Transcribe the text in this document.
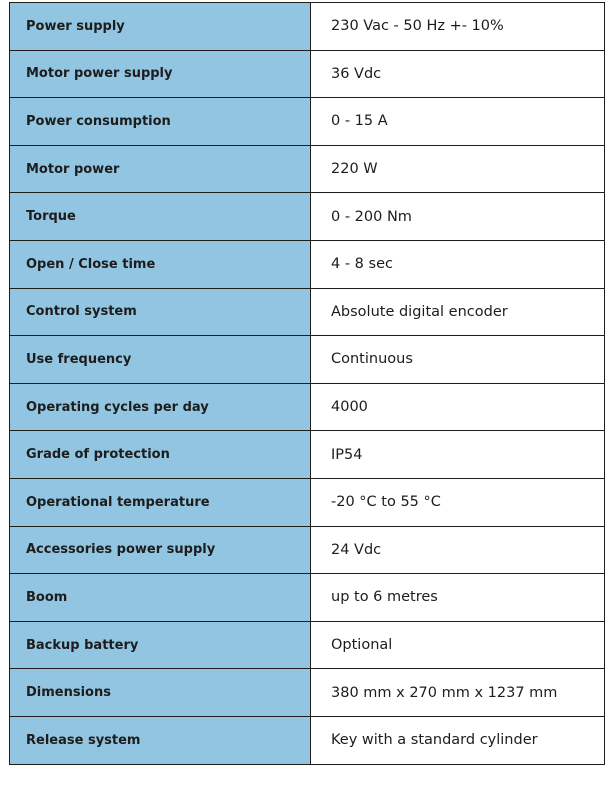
Power supply	230 Vac - 50 Hz +- 10%
Motor power supply	36 Vdc
Power consumption	0 - 15 A
Motor power	220 W
Torque	0 - 200 Nm
Open / Close time	4 - 8 sec
Control system	Absolute digital encoder
Use frequency	Continuous
Operating cycles per day	4000
Grade of protection	IP54
Operational temperature	-20 °C to 55 °C
Accessories power supply	24 Vdc
Boom	up to 6 metres
Backup battery	Optional
Dimensions	380 mm x 270 mm x 1237 mm
Release system	Key with a standard cylinder
